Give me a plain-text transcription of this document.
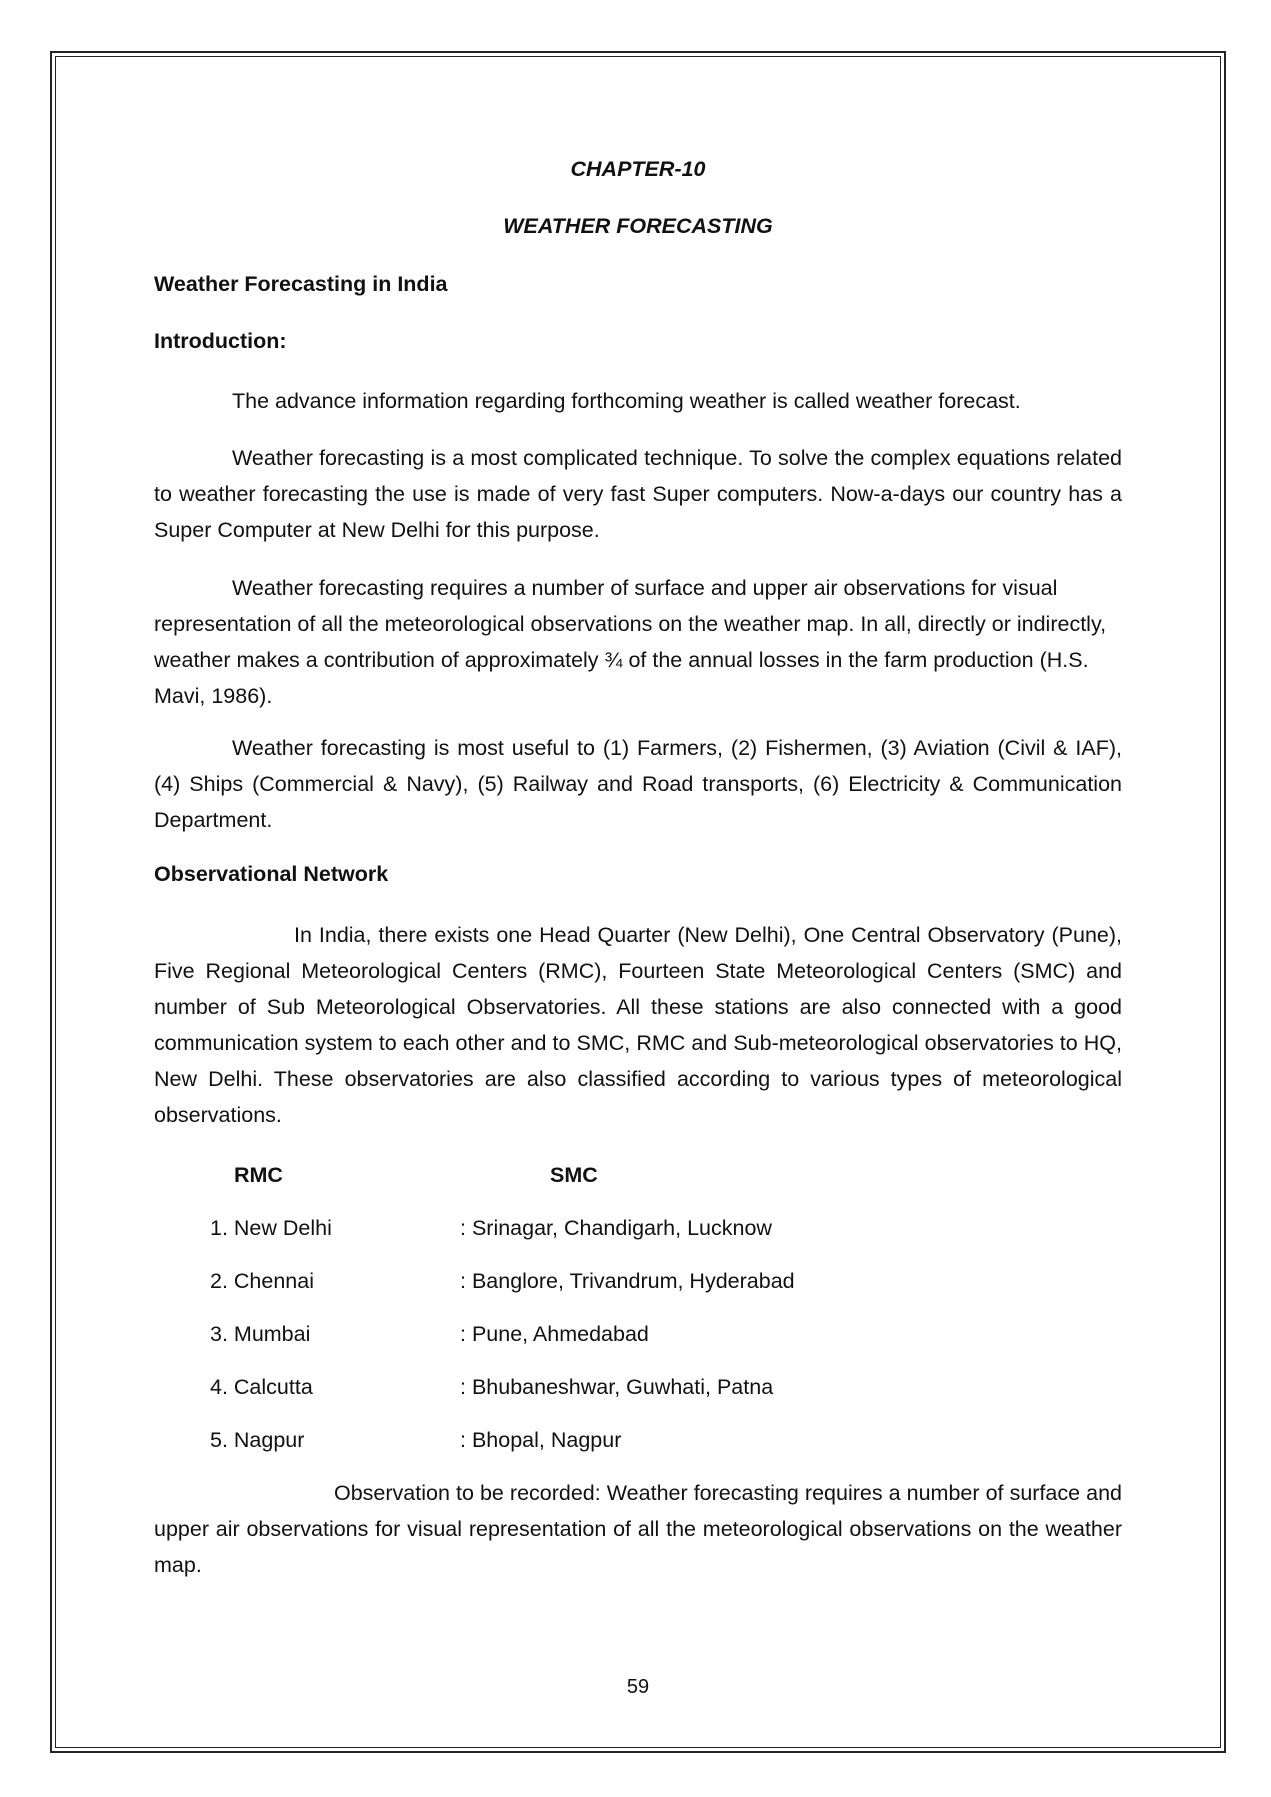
CHAPTER-10

WEATHER FORECASTING

Weather Forecasting in India

Introduction:

The advance information regarding forthcoming weather is called weather forecast.

Weather forecasting is a most complicated technique. To solve the complex equations related to weather forecasting the use is made of very fast Super computers. Now-a-days our country has a Super Computer at New Delhi for this purpose.

Weather forecasting requires a number of surface and upper air observations for visual representation of all the meteorological observations on the weather map. In all, directly or indirectly, weather makes a contribution of approximately ¾ of the annual losses in the farm production (H.S. Mavi, 1986).

Weather forecasting is most useful to (1) Farmers, (2) Fishermen, (3) Aviation (Civil & IAF), (4) Ships (Commercial & Navy), (5) Railway and Road transports, (6) Electricity & Communication Department.

Observational Network

In India, there exists one Head Quarter (New Delhi), One Central Observatory (Pune), Five Regional Meteorological Centers (RMC), Fourteen State Meteorological Centers (SMC) and number of Sub Meteorological Observatories. All these stations are also connected with a good communication system to each other and to SMC, RMC and Sub-meteorological observatories to HQ, New Delhi. These observatories are also classified according to various types of meteorological observations.

RMC	SMC
1. New Delhi	: Srinagar, Chandigarh, Lucknow
2. Chennai	: Banglore, Trivandrum, Hyderabad
3. Mumbai	: Pune, Ahmedabad
4. Calcutta	: Bhubaneshwar, Guwhati, Patna
5. Nagpur	: Bhopal, Nagpur

Observation to be recorded: Weather forecasting requires a number of surface and upper air observations for visual representation of all the meteorological observations on the weather map.

59
